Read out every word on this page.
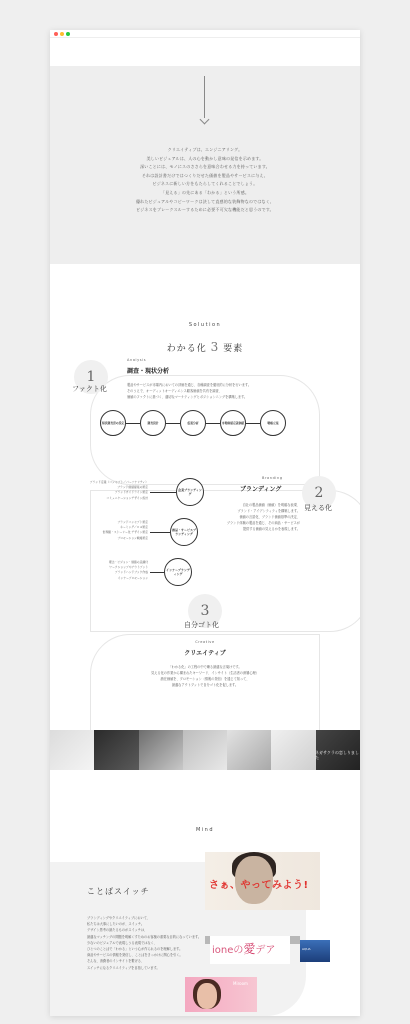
クリエイティブは、エンジニアリング。
美しいビジュアルは、人の心を動かし意味の発信を示めます。
深いことには、モノにスのささらを意味合わせる力を持っています。
それは設計書だけではつくりだせた価値を製品やサービスに与え、
ビジネスに新しい方をもたらしてくれることでしょう。
「見える」の先にある「わかる」という所感。
優れたビジュアルやコピーワークは決して直感的な装飾物なのではなく、
ビジネスをブレークスルーするために必要不可欠な機能だと思うのです。
Solution
わかる化 3 要素
1
ファクト化
Analysis
調査・現状分析
製品やサービスが市場内においての評価を通じ、各種調査を徹底的に分析を行います。
そのうえで、オーディットオーディエンス顧客価値を共有を調査、
価値のファクトに基づく、適切なマーケティングとポジションニングを構築します。
現状調査票の設定	調査設計	仮説分析	市場価値定義価値	戦略立案
2
見える化
Branding
ブランディング
自社の製品価値（価値）を明確な表現、
ブランド・アイデンティティを構築します。
価値の言語化、ブランド価値基準の決定、
ブランド体験の製品を通じ、その商品・サービスが
提供する価値の見えるかを表現します。
ブランド定義（コンセプト／パーソナリティ）
ブランド価値提案の策定
ブランドガイドライン策定
コミュニケーションデザイン設計
企業ブランディング
ブランドコンセプト策定
ネーミング／ロゴ策定
世界観・ストーリー化 デザイン策定
プロモーション戦略策定
商品・サービスブランディング
理念・ビジョン・価値の意識付
ワークショップやアウトプット
ブランドハンドブック作成
インナープロモーション
インナーブランディング
3
自分ゴト化
Creative
クリエイティブ
「わかる化」の工程の中で練る最適な言葉けです。
見える化の作業から構まれたキーワード、インサイト（生活者の深層心理）
潜在価値を、プロモーション（情報の発信）を通じて知って、
最適なアウトプットで自分ゴト化を促します。
ネガサクラの恋しりました
Mind
ことばスイッチ
ブランディングやクリエイティブにおいて、
私たちは大事にしたいのが、スイッチ。
デザイン思考の最たるものがスイッチは、
最適なマッチングの間題を明解くすためのお客様の重要な目的になっています。
少ないのビジュアルで表現しうる表現ではなく、
ひとつのことばで「わかる」という心が作られるのを理解します。
商品やサービスの情報を発信し、ことばをきっかけに関心を引く。
そんな、消費者のインサイトを繋げる、
スイッチになるクリエイティブを目指しています。
さぁ、やってみよう!
ioneの愛デア	AQUA
Miroom
